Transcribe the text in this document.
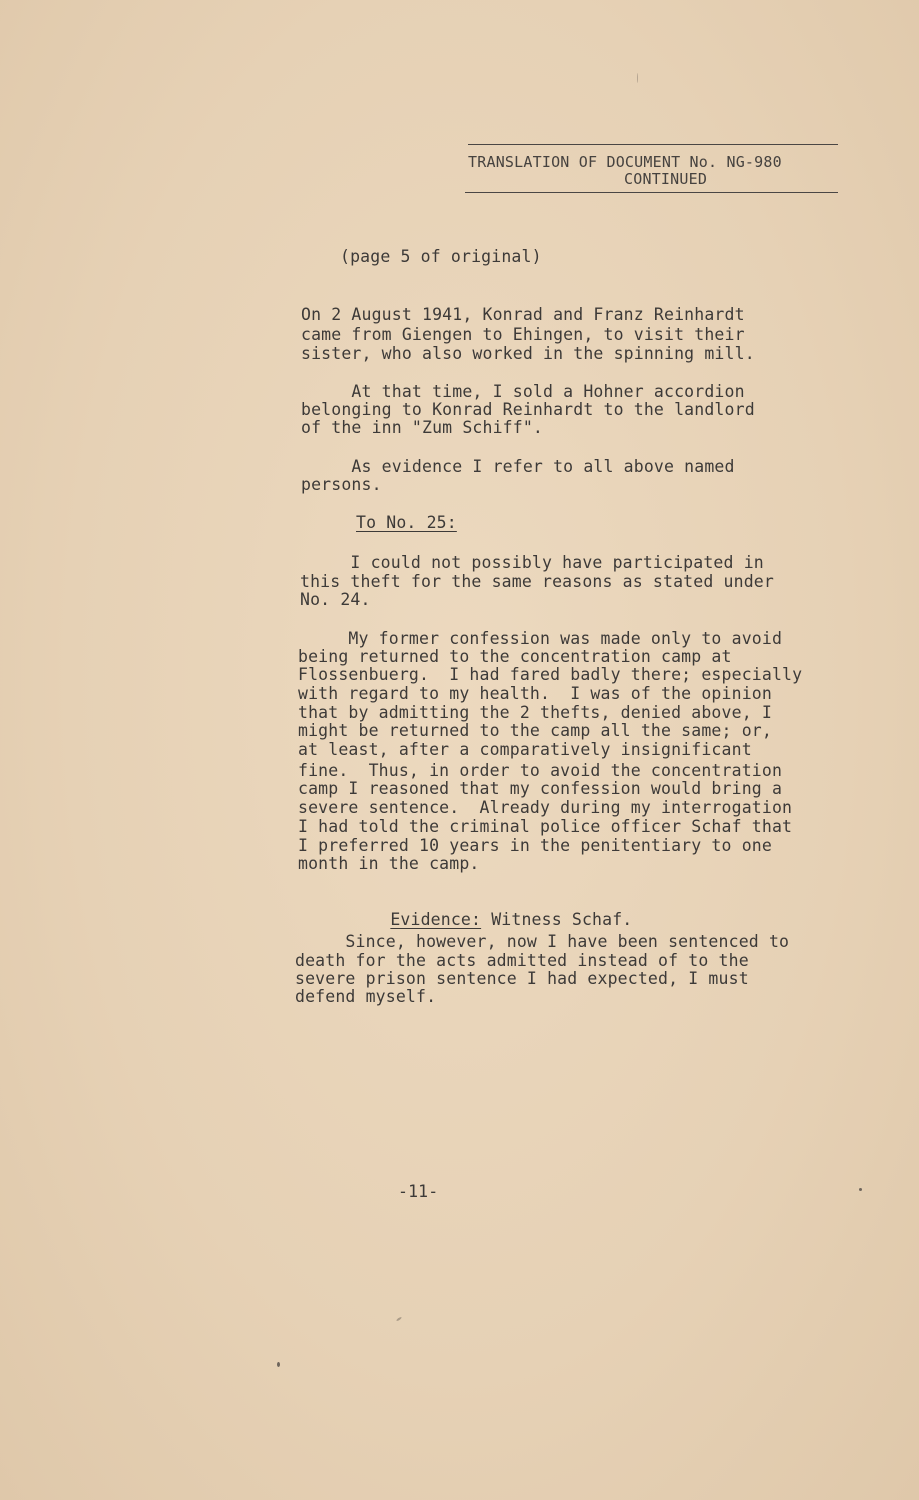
TRANSLATION OF DOCUMENT No. NG-980
CONTINUED
(page 5 of original)
On 2 August 1941, Konrad and Franz Reinhardt
came from Giengen to Ehingen, to visit their
sister, who also worked in the spinning mill.
At that time, I sold a Hohner accordion
belonging to Konrad Reinhardt to the landlord
of the inn "Zum Schiff".
As evidence I refer to all above named
persons.
To No. 25:
I could not possibly have participated in
this theft for the same reasons as stated under
No. 24.
My former confession was made only to avoid
being returned to the concentration camp at
Flossenbuerg.  I had fared badly there; especially
with regard to my health.  I was of the opinion
that by admitting the 2 thefts, denied above, I
might be returned to the camp all the same; or,
at least, after a comparatively insignificant
fine.  Thus, in order to avoid the concentration
camp I reasoned that my confession would bring a
severe sentence.  Already during my interrogation
I had told the criminal police officer Schaf that
I preferred 10 years in the penitentiary to one
month in the camp.

Evidence: Witness Schaf.

Since, however, now I have been sentenced to
death for the acts admitted instead of to the
severe prison sentence I had expected, I must
defend myself.
-11-
